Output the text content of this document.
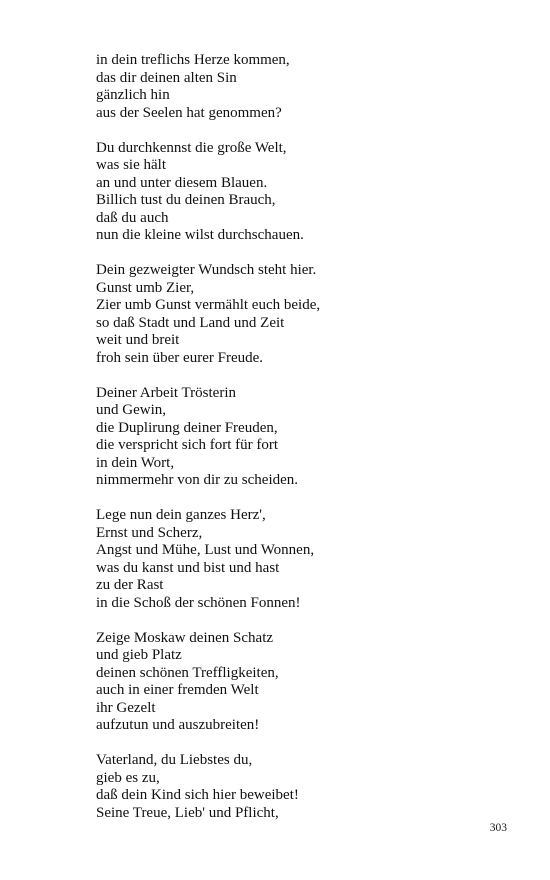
in dein treflichs Herze kommen,
das dir deinen alten Sin
gänzlich hin
aus der Seelen hat genommen?
Du durchkennst die große Welt,
was sie hält
an und unter diesem Blauen.
Billich tust du deinen Brauch,
daß du auch
nun die kleine wilst durchschauen.
Dein gezweigter Wundsch steht hier.
Gunst umb Zier,
Zier umb Gunst vermählt euch beide,
so daß Stadt und Land und Zeit
weit und breit
froh sein über eurer Freude.
Deiner Arbeit Trösterin
und Gewin,
die Duplirung deiner Freuden,
die verspricht sich fort für fort
in dein Wort,
nimmermehr von dir zu scheiden.
Lege nun dein ganzes Herz',
Ernst und Scherz,
Angst und Mühe, Lust und Wonnen,
was du kanst und bist und hast
zu der Rast
in die Schoß der schönen Fonnen!
Zeige Moskaw deinen Schatz
und gieb Platz
deinen schönen Treffligkeiten,
auch in einer fremden Welt
ihr Gezelt
aufzutun und auszubreiten!
Vaterland, du Liebstes du,
gieb es zu,
daß dein Kind sich hier beweibet!
Seine Treue, Lieb' und Pflicht,
303
